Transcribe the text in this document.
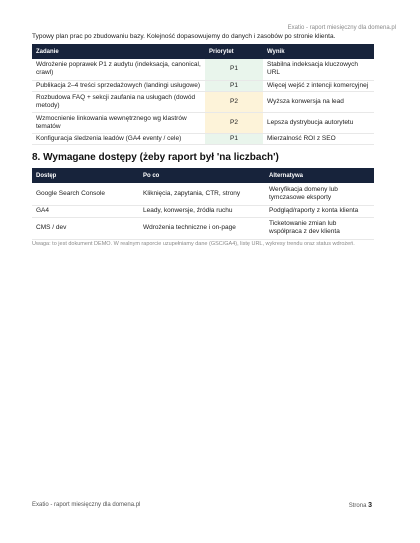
Exatio - raport miesięczny dla domena.pl
Typowy plan prac po zbudowaniu bazy. Kolejność dopasowujemy do danych i zasobów po stronie klienta.
Zadanie	Priorytet	Wynik
Wdrożenie poprawek P1 z audytu (indeksacja, canonical, crawl)	P1	Stabilna indeksacja kluczowych URL
Publikacja 2–4 treści sprzedażowych (landingi usługowe)	P1	Więcej wejść z intencji komercyjnej
Rozbudowa FAQ + sekcji zaufania na usługach (dowód metody)	P2	Wyższa konwersja na lead
Wzmocnienie linkowania wewnętrznego wg klastrów tematów	P2	Lepsza dystrybucja autorytetu
Konfiguracja śledzenia leadów (GA4 eventy / cele)	P1	Mierzalność ROI z SEO
8. Wymagane dostępy (żeby raport był 'na liczbach')
Dostęp	Po co	Alternatywa
Google Search Console	Kliknięcia, zapytania, CTR, strony	Weryfikacja domeny lub tymczasowe eksporty
GA4	Leady, konwersje, źródła ruchu	Podgląd/raporty z konta klienta
CMS / dev	Wdrożenia techniczne i on-page	Ticketowanie zmian lub współpraca z dev klienta
Uwaga: to jest dokument DEMO. W realnym raporcie uzupełniamy dane (GSC/GA4), listę URL, wykresy trendu oraz status wdrożeń.
Exatio - raport miesięczny dla domena.pl	Strona 3
